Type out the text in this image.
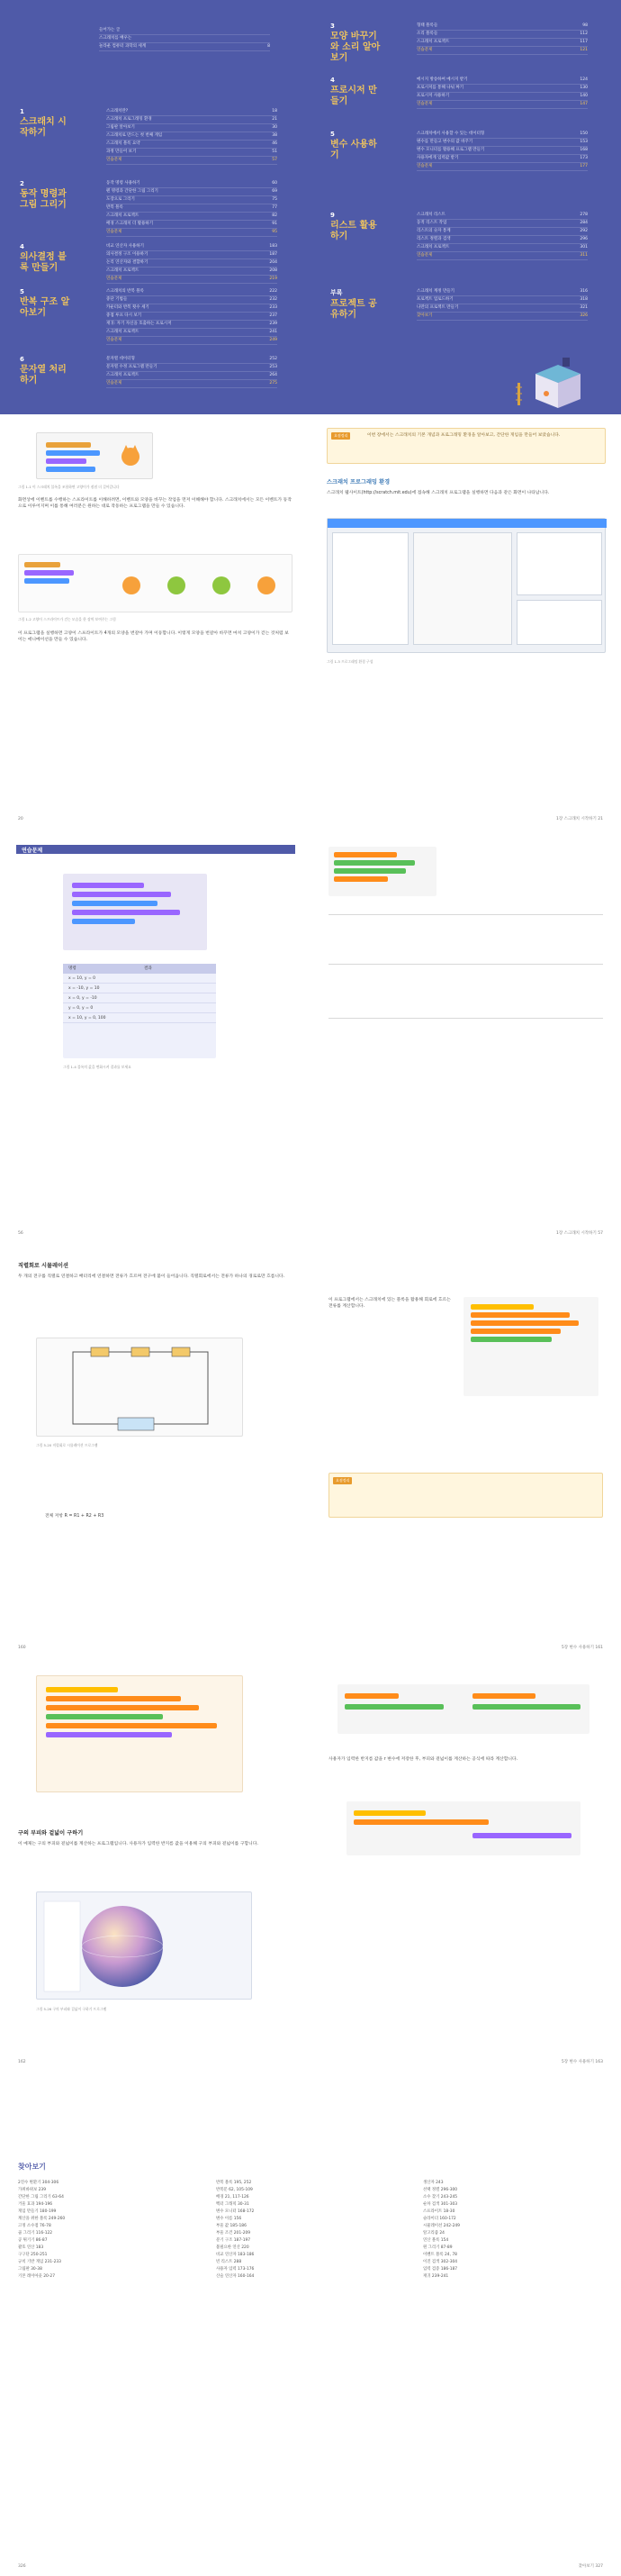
들어가는 글
스크래치를 배우는
놀라운 컴퓨터 과학의 세계	8
1
스크래치 시작하기
스크래치란?	18
스크래치 프로그래밍 환경	21
그림판 알아보기	30
스크래치로 만드는 첫 번째 게임	38
스크래치 블록 요약	46
과정 만들어 보기	51
연습문제	57
2
동작 명령과 그림 그리기
동작 명령 사용하기	60
펜 명령과 간단한 그림 그리기	69
도장으로 그리기	75
반복 블록	77
스크래치 프로젝트	82
배경 스크래치 더 활용하기	91
연습문제	95
4
의사결정 블록 만들기
비교 연산자 사용하기	183
의사결정 구조 이용하기	187
논리 연산자와 결합하기	204
스크래치 프로젝트	208
연습문제	219
5
반복 구조 알아보기
스크래치의 반복 블록	222
중단 기법들	232
카운터와 반복 횟수 세기	233
중첩 루프 다시 보기	237
재귀: 자기 자신을 호출하는 프로시저	239
스크래치 프로젝트	241
연습문제	249
6
문자열 처리하기
문자열 데이터형	252
문자열 수정 프로그램 만들기	253
스크래치 프로젝트	264
연습문제	275
3
모양 바꾸기와 소리 알아보기
형태 블록들	98
소리 블록들	112
스크래치 프로젝트	117
연습문제	121
4
프로시저 만들기
메시지 방송하여 메시지 받기	124
프로시저를 통해 나눠 짜기	130
프로시저 사용하기	140
연습문제	147
5
변수 사용하기
스크래치에서 사용할 수 있는 데이터형	150
변수를 만들고 변수의 값 바꾸기	153
변수 모니터를 활용해 프로그램 만들기	168
사용자에게 입력값 받기	173
연습문제	177
9
리스트 활용하기
스크래치 리스트	278
동적 리스트 작업	284
리스트의 숫자 통계	292
리스트 정렬과 검색	296
스크래치 프로젝트	301
연습문제	311
부록
프로젝트 공유하기
스크래치 계정 만들기	316
프로젝트 업로드하기	318
나만의 프로젝트 만들기	321
찾아보기	326
그림 1-1 이 스크래치 블록을 조합하면 고양이가 점점 더 걸어갑니다
화면상에 이벤트를 수행하는 스프라이트를 이해하려면, 이벤트와 모양을 바꾸는 작업을 먼저 이해해야 합니다. 스크래치에서는 모든 이벤트가 동작으로 이루어지며 이를 통해 여러분은 원하는 대로 작동하는 프로그램을 만들 수 있습니다.
그림 1-2 고양이 스프라이트가 걷는 모습을 한 장씩 보여주는 그림
이 프로그램을 실행하면 고양이 스프라이트가 4개의 모양을 번갈아 가며 이동합니다. 이렇게 모양을 번갈아 바꾸면 마치 고양이가 걷는 것처럼 보이는 애니메이션을 만들 수 있습니다.
20
요점정리	이번 장에서는 스크래치의 기본 개념과 프로그래밍 환경을 알아보고, 간단한 게임을 만들어 보았습니다.
스크래치 프로그래밍 환경
스크래치 웹사이트(http://scratch.mit.edu)에 접속해 스크래치 프로그램을 실행하면 다음과 같은 화면이 나타납니다.
그림 1-3 프로그래밍 환경 구성
1장 스크래치 시작하기 21
연습문제
명령	결과
x = 10, y = 0
x = -10, y = 10
x = 0, y = -10
y = 0, y = 0
x = 10, y = 0, 100
그림 1-4 블록의 값을 변화시켜 결과를 보세요
56	1장 스크래치 시작하기 57
직렬회로 시뮬레이션
두 개의 전구를 직렬로 연결하고 배터리에 연결하면 전류가 흐르며 전구에 불이 들어옵니다. 직렬회로에서는 전류가 하나의 경로로만 흐릅니다.
그림 5-20 직렬회로 시뮬레이션 프로그램
전체 저항 R = R1 + R2 + R3
160
이 프로그램에서는 스크래치에 있는 블록을 활용해 회로에 흐르는 전류를 계산합니다.
요점정리
5장 변수 사용하기 161
구의 부피와 겉넓이 구하기
이 예제는 구의 부피와 겉넓이를 계산하는 프로그램입니다. 사용자가 입력한 반지름 값을 이용해 구의 부피와 겉넓이를 구합니다.
그림 5-26 구의 부피와 겉넓이 구하기 프로그램
162
사용자가 입력한 반지름 값을 r 변수에 저장한 후, 부피와 겉넓이를 계산하는 공식에 따라 계산합니다.
5장 변수 사용하기 163
찾아보기
2진수 변환기 304-306
가위바위보 239
간단한 그림 그리기 63-64
거울 효과 194-196
게임 만들기 180-199
계산을 위한 블록 249-260
고정 소수점 76-78
곱 그리기 116-122
공 튀기기 86-87
괄호 연산 183
구구단 250-251
규칙 기반 게임 231-233
그림판 30-38
기본 레이아웃 20-27
반복 블록 195, 252
반복문 62, 105-109
배경 21, 117-126
벡터 그래픽 30-31
변수 모니터 168-172
변수 이름 156
부울 값 185-186
부울 조건 201-209
분기 구조 187-197
불필요한 연산 220
비교 연산자 183-186
빈 리스트 288
사용자 입력 173-176
산술 연산자 160-164
생산자 243
선택 정렬 296-300
소수 찾기 243-245
순차 검색 301-303
스프라이트 18-30
슬라이더 160-172
시뮬레이션 242-249
알고리즘 24
연산 블록 154
원 그리기 87-89
이벤트 블록 24, 78
이진 검색 302-304
입력 검증 186-187
재귀 239-241
326	찾아보기 327
